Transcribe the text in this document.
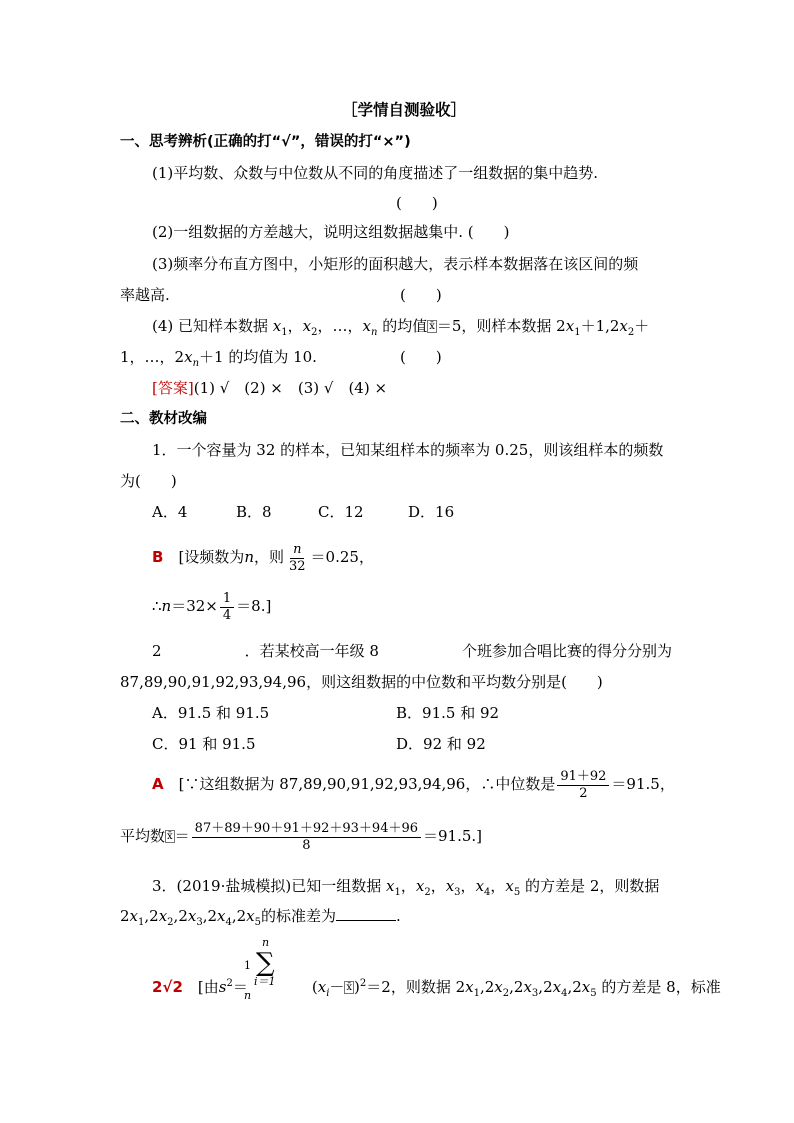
［学情自测验收］
一、思考辨析(正确的打“√”，错误的打“×”)
(1)平均数、众数与中位数从不同的角度描述了一组数据的集中趋势.
(　　)
(2)一组数据的方差越大，说明这组数据越集中. (　　)
(3)频率分布直方图中，小矩形的面积越大，表示样本数据落在该区间的频
率越高.	(　　)
(4) 已知样本数据 $x_1$，$x_2$，…，$x_n$ 的均值 x̄ ＝5，则样本数据 $2x_1+1,2x_2+$
1，…，$2x_n+1$ 的均值为 10.	(　　)
[答案](1) √　(2) ×　(3) √　(4) ×
二、教材改编
1．一个容量为 32 的样本，已知某组样本的频率为 0.25，则该组样本的频数
为(　　)
A．4	B．8	C．12	D．16
B　 [设频数为n，则 $\frac{n}{32} =0.25$，
∴n＝32× $\frac{1}{4} =8$.]
2	．若某校高一年级 8	个班参加合唱比赛的得分分别为
87,89,90,91,92,93,94,96，则这组数据的中位数和平均数分别是(　　)
A．91.5 和 91.5	B．91.5 和 92
C．91 和 91.5	D．92 和 92
A　 [∵这组数据为 87,89,90,91,92,93,94,96，∴中位数是 $\frac{91+92}{2} =91.5$，
平均数 x̄ ＝ $\frac{87+89+90+91+92+93+94+96}{8} =91.5$.]
3．(2019·盐城模拟)已知一组数据 $x_1$，$x_2$，$x_3$，$x_4$，$x_5$ 的方差是 2，则数据
$2x_1,2x_2,2x_3,2x_4,2x_5$的标准差为	.
n
∑
i＝1
1
n
2√2　 [由$s^2=$	($x_i-$ x̄ )$^2$＝2，则数据 $2x_1,2x_2,2x_3,2x_4,2x_5$ 的方差是 8，标准
